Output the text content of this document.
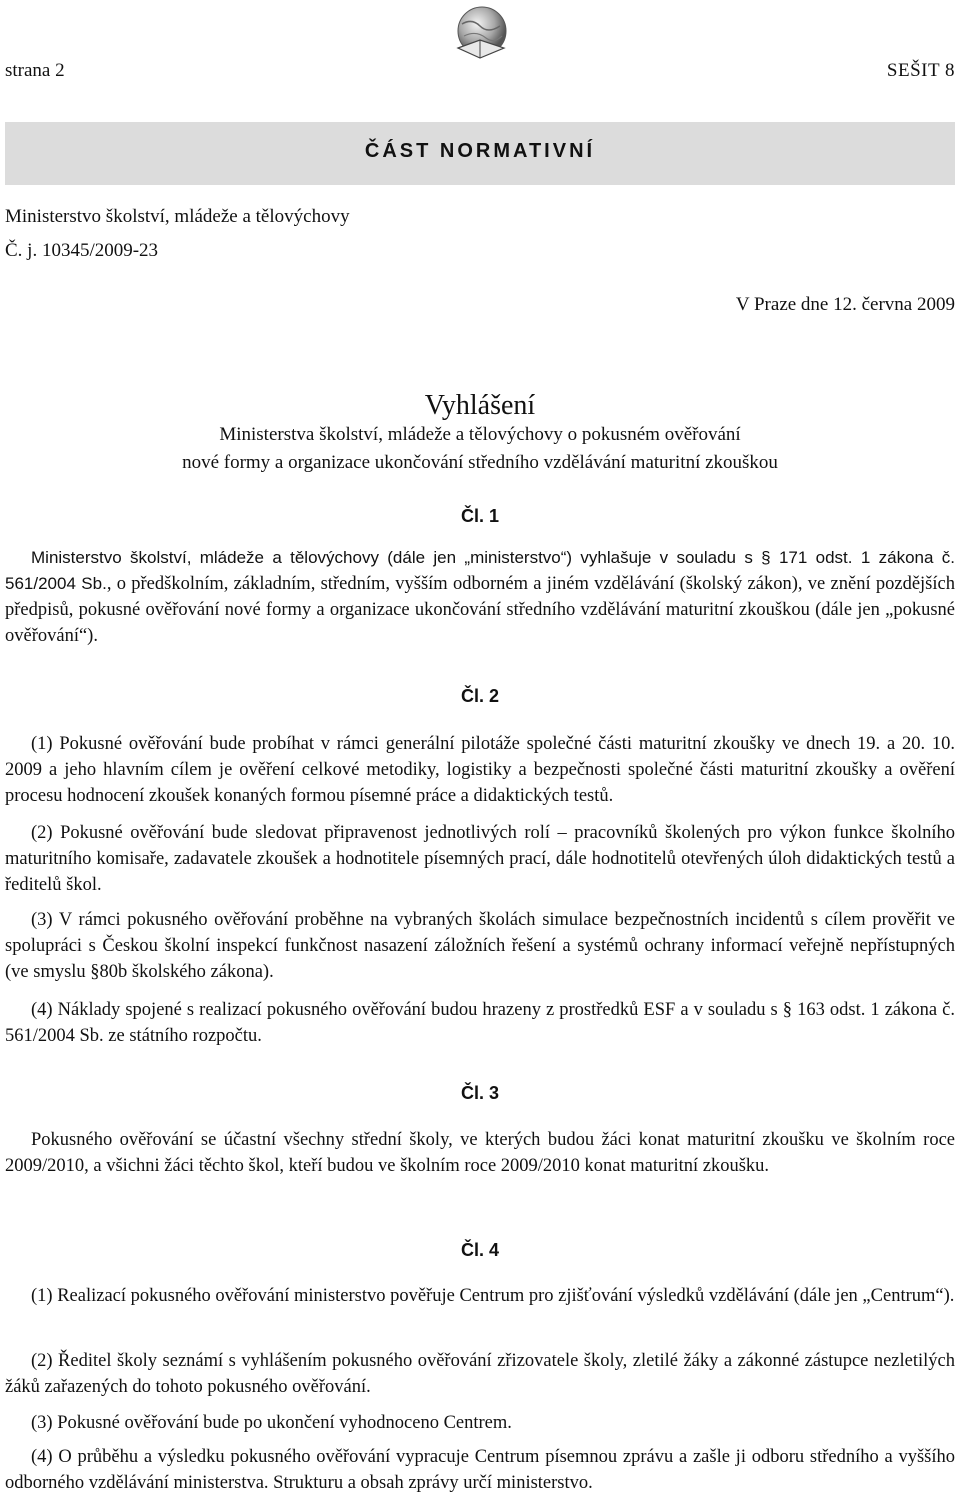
strana 2	SEŠIT 8
ČÁST NORMATIVNÍ
Ministerstvo školství, mládeže a tělovýchovy
Č. j. 10345/2009-23
V Praze dne 12. června 2009
Vyhlášení
Ministerstva školství, mládeže a tělovýchovy o pokusném ověřování
nové formy a organizace ukončování středního vzdělávání maturitní zkouškou
Čl. 1
Ministerstvo školství, mládeže a tělovýchovy (dále jen „ministerstvo“) vyhlašuje v souladu s § 171 odst. 1 zákona č. 561/2004 Sb., o předškolním, základním, středním, vyšším odborném a jiném vzdělávání (školský zákon), ve znění pozdějších předpisů, pokusné ověřování nové formy a organizace ukončování středního vzdělávání maturitní zkouškou (dále jen „pokusné ověřování“).
Čl. 2
(1) Pokusné ověřování bude probíhat v rámci generální pilotáže společné části maturitní zkoušky ve dnech 19. a 20. 10. 2009 a jeho hlavním cílem je ověření celkové metodiky, logistiky a bezpečnosti společné části maturitní zkoušky a ověření procesu hodnocení zkoušek konaných formou písemné práce a didaktických testů.
(2) Pokusné ověřování bude sledovat připravenost jednotlivých rolí – pracovníků školených pro výkon funkce školního maturitního komisaře, zadavatele zkoušek a hodnotitele písemných prací, dále hodnotitelů otevřených úloh didaktických testů a ředitelů škol.
(3) V rámci pokusného ověřování proběhne na vybraných školách simulace bezpečnostních incidentů s cílem prověřit ve spolupráci s Českou školní inspekcí funkčnost nasazení záložních řešení a systémů ochrany informací veřejně nepřístupných (ve smyslu §80b školského zákona).
(4) Náklady spojené s realizací pokusného ověřování budou hrazeny z prostředků ESF a v souladu s § 163 odst. 1 zákona č. 561/2004 Sb. ze státního rozpočtu.
Čl. 3
Pokusného ověřování se účastní všechny střední školy, ve kterých budou žáci konat maturitní zkoušku ve školním roce 2009/2010, a všichni žáci těchto škol, kteří budou ve školním roce 2009/2010 konat maturitní zkoušku.
Čl. 4
(1) Realizací pokusného ověřování ministerstvo pověřuje Centrum pro zjišťování výsledků vzdělávání (dále jen „Centrum“).
(2) Ředitel školy seznámí s vyhlášením pokusného ověřování zřizovatele školy, zletilé žáky a zákonné zástupce nezletilých žáků zařazených do tohoto pokusného ověřování.
(3) Pokusné ověřování bude po ukončení vyhodnoceno Centrem.
(4) O průběhu a výsledku pokusného ověřování vypracuje Centrum písemnou zprávu a zašle ji odboru středního a vyššího odborného vzdělávání ministerstva. Strukturu a obsah zprávy určí ministerstvo.
